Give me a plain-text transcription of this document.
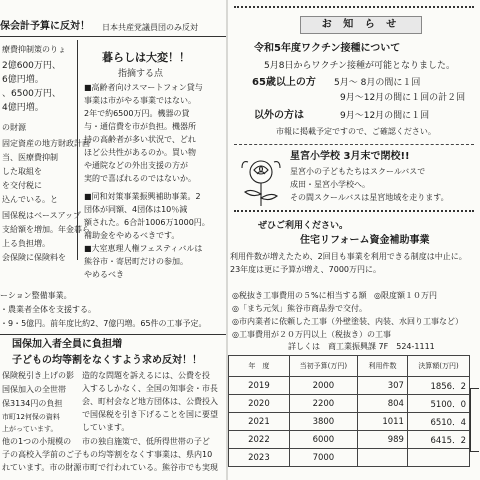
保会計予算に反対！ 日本共産党議員団のみ反対
療費抑制策のりょ
2億600万円、
6億円増。
、6500万円、
4億円増。
の財源
固定資産の地方財政計画
当、医療費抑制
した取組を
を交付税に
込んでいる。と
国保税はベースアップ
支給額を増加。年金暮ら
上る負担増。
会保険に保険料を
暮らしは大変！！
指摘する点
■高齢者向けスマートフォン貸与
事業は市がやる事業ではない。
2年で約6500万円。機器の貸
与・通信費を市が負担。機器所
持の高齢者が多い状況で、どれ
ほど公共性があるのか。買い物
や通院などの外出支援の方が
実的で喜ばれるのではないか。
■同和対策事業振興補助事業。2
団体が同額、4団体は10％減
額された。6合計1006万1000円。
補助金をやめるべきです。
■大室恵理人権フェスティバルは
熊谷市・寄居町だけの参加。
やめるべき
ーション整備事業。
・農業者全体を支援する。
・9・5億円。前年度比約2、7億円増。65件の工事予定。
国保加入者全員に負担増
子どもの均等割をなくすよう求め反対！！
保険税引き上げの影
国保加入の全世帯
保3134円の負担
市町12何保の資料
上がっています。
他の1つの小規模の
子の高校入学前のご子
れています。市の財源
造的な問題を訴えるには、公費を投
入するしかなく、全国の知事会・市長
会、町村会など地方団体は、公費投入
で国保税を引き下げることを国に要望
しています。
市の独自施策で、低所得世帯の子ど
もの均等割をなくす事業は、県内10
市町で行われている。熊谷市でも実現
お 知 ら せ
令和5年度ワクチン接種について
5月8日からワクチン接種が可能となりました。
65歳以上の方 5月～ 8月の間に１回
9月～12月の間に１回の計２回
以外の方は	9月～12月の間に１回
市報に掲載予定ですので、ご確認ください。
星宮小学校 3月末で閉校!!
星宮小の子どもたちはスクールバスで
成田・星宮小学校へ。
その間スクールバスは星宮地域を走ります。
ぜひご利用ください。
住宅リフォーム資金補助事業
利用件数が増えたため、2回目も事業を利用できる制度は中止に。
23年度は更に予算が増え、7000万円に。
◎税抜き工事費用の５%に相当する額 ◎限度額１０万円
◎「まち元気」熊谷市商品券で交付。
◎市内業者に依頼した工事（外壁塗装、内装、水回り工事など）
◎工事費用が２０万円以上（税抜き）の工事
詳しくは　商工業振興課 7F　524-1111
年　度	当初予算(万円)	利用件数	決算額(万円)
2019	2000	307	1856．2
2020	2200	804	5100．0
2021	3800	1011	6510．4
2022	6000	989	6415．2
2023	7000		
